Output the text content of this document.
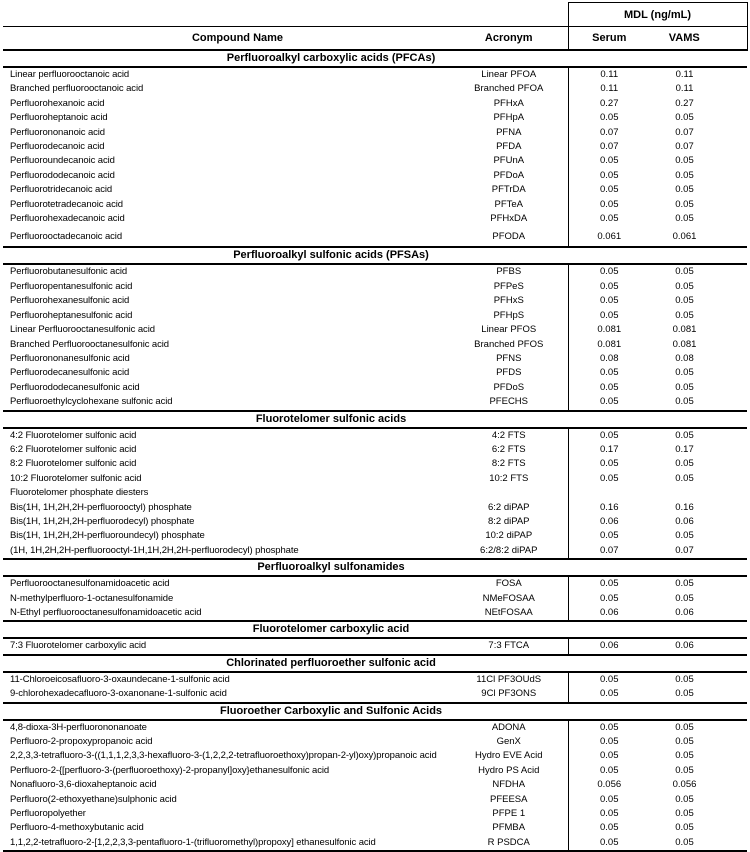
		MDL (ng/mL)	
Compound Name	Acronym	Serum	VAMS
Perfluoroalkyl carboxylic acids (PFCAs)			
Linear perfluorooctanoic acid	Linear PFOA	0.11	0.11
Branched perfluorooctanoic acid	Branched PFOA	0.11	0.11
Perfluorohexanoic acid	PFHxA	0.27	0.27
Perfluoroheptanoic acid	PFHpA	0.05	0.05
Perfluorononanoic acid	PFNA	0.07	0.07
Perfluorodecanoic acid	PFDA	0.07	0.07
Perfluoroundecanoic acid	PFUnA	0.05	0.05
Perfluorododecanoic acid	PFDoA	0.05	0.05
Perfluorotridecanoic acid	PFTrDA	0.05	0.05
Perfluorotetradecanoic acid	PFTeA	0.05	0.05
Perfluorohexadecanoic acid	PFHxDA	0.05	0.05
Perfluorooctadecanoic acid	PFODA	0.061	0.061
Perfluoroalkyl sulfonic acids (PFSAs)			
Perfluorobutanesulfonic acid	PFBS	0.05	0.05
Perfluoropentanesulfonic acid	PFPeS	0.05	0.05
Perfluorohexanesulfonic acid	PFHxS	0.05	0.05
Perfluoroheptanesulfonic acid	PFHpS	0.05	0.05
Linear Perfluorooctanesulfonic acid	Linear PFOS	0.081	0.081
Branched Perfluorooctanesulfonic acid	Branched PFOS	0.081	0.081
Perfluorononanesulfonic acid	PFNS	0.08	0.08
Perfluorodecanesulfonic acid	PFDS	0.05	0.05
Perfluorododecanesulfonic acid	PFDoS	0.05	0.05
Perfluoroethylcyclohexane sulfonic acid	PFECHS	0.05	0.05
Fluorotelomer sulfonic acids			
4:2 Fluorotelomer sulfonic acid	4:2 FTS	0.05	0.05
6:2 Fluorotelomer sulfonic acid	6:2 FTS	0.17	0.17
8:2 Fluorotelomer sulfonic acid	8:2 FTS	0.05	0.05
10:2 Fluorotelomer sulfonic acid	10:2 FTS	0.05	0.05
Fluorotelomer phosphate diesters			
Bis(1H, 1H,2H,2H-perfluorooctyl) phosphate	6:2 diPAP	0.16	0.16
Bis(1H, 1H,2H,2H-perfluorodecyl) phosphate	8:2 diPAP	0.06	0.06
Bis(1H, 1H,2H,2H-perfluoroundecyl) phosphate	10:2 diPAP	0.05	0.05
(1H, 1H,2H,2H-perfluorooctyl-1H,1H,2H,2H-perfluorodecyl) phosphate	6:2/8:2 diPAP	0.07	0.07
Perfluoroalkyl sulfonamides			
Perfluorooctanesulfonamidoacetic acid	FOSA	0.05	0.05
N-methylperfluoro-1-octanesulfonamide	NMeFOSAA	0.05	0.05
N-Ethyl perfluorooctanesulfonamidoacetic acid	NEtFOSAA	0.06	0.06
Fluorotelomer carboxylic acid			
7:3 Fluorotelomer carboxylic acid	7:3 FTCA	0.06	0.06
Chlorinated perfluoroether sulfonic acid			
11-Chloroeicosafluoro-3-oxaundecane-1-sulfonic acid	11Cl PF3OUdS	0.05	0.05
9-chlorohexadecafluoro-3-oxanonane-1-sulfonic acid	9Cl PF3ONS	0.05	0.05
Fluoroether Carboxylic and Sulfonic Acids			
4,8-dioxa-3H-perfluorononanoate	ADONA	0.05	0.05
Perfluoro-2-propoxypropanoic acid	GenX	0.05	0.05
2,2,3,3-tetrafluoro-3-((1,1,1,2,3,3-hexafluoro-3-(1,2,2,2-tetrafluoroethoxy)propan-2-yl)oxy)propanoic acid	Hydro EVE Acid	0.05	0.05
Perfluoro-2-{[perfluoro-3-(perfluoroethoxy)-2-propanyl]oxy}ethanesulfonic acid	Hydro PS Acid	0.05	0.05
Nonafluoro-3,6-dioxaheptanoic acid	NFDHA	0.056	0.056
Perfluoro(2-ethoxyethane)sulphonic acid	PFEESA	0.05	0.05
Perfluoropolyether	PFPE 1	0.05	0.05
Perfluoro-4-methoxybutanic acid	PFMBA	0.05	0.05
1,1,2,2-tetrafluoro-2-[1,2,2,3,3-pentafluoro-1-(trifluoromethyl)propoxy] ethanesulfonic acid	R PSDCA	0.05	0.05
